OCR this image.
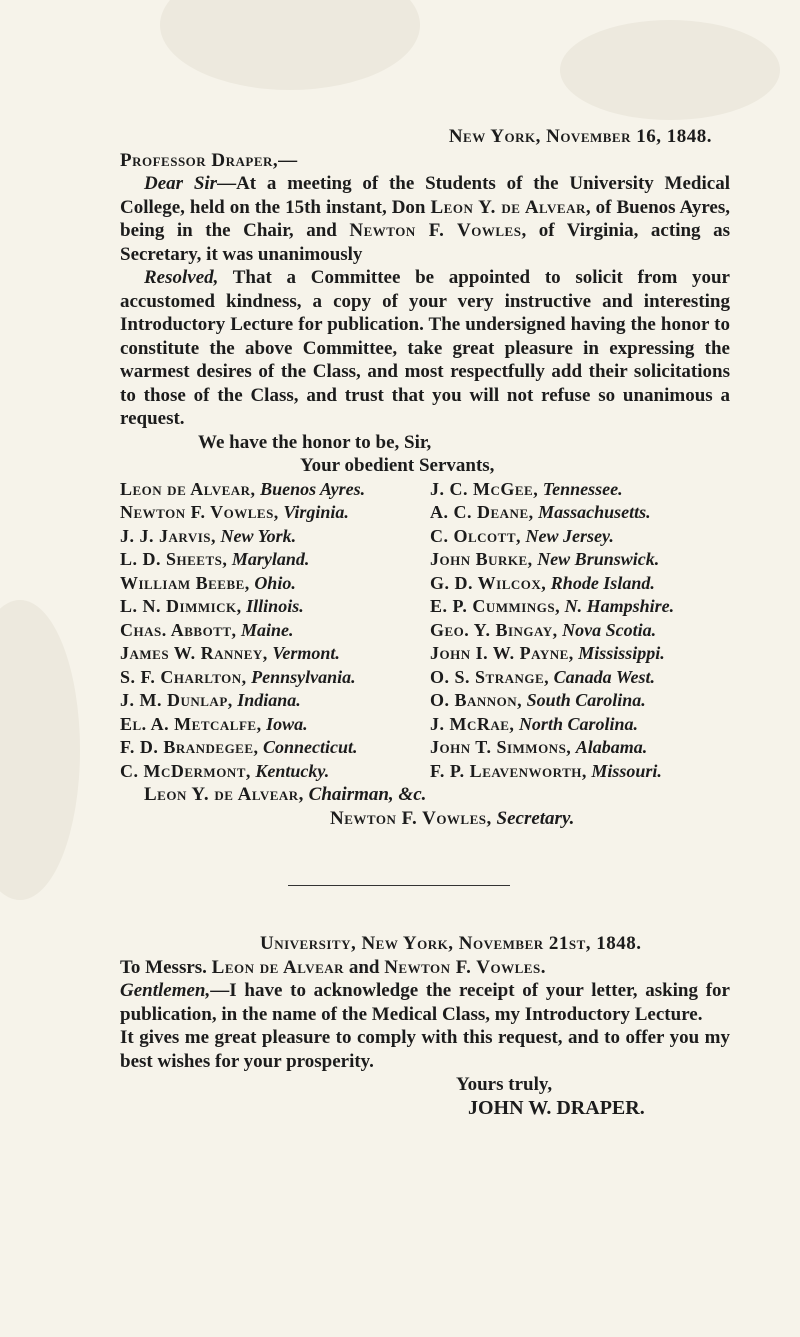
New York, November 16, 1848.
Professor Draper,—
Dear Sir—At a meeting of the Students of the University Medical College, held on the 15th instant, Don Leon Y. de Alvear, of Buenos Ayres, being in the Chair, and Newton F. Vowles, of Virginia, acting as Secretary, it was unanimously
Resolved, That a Committee be appointed to solicit from your accustomed kindness, a copy of your very instructive and interesting Introductory Lecture for publication. The undersigned having the honor to constitute the above Committee, take great pleasure in expressing the warmest desires of the Class, and most respectfully add their solicitations to those of the Class, and trust that you will not refuse so unanimous a request.
We have the honor to be, Sir,
Your obedient Servants,
Leon de Alvear, Buenos Ayres.
Newton F. Vowles, Virginia.
J. J. Jarvis, New York.
L. D. Sheets, Maryland.
William Beebe, Ohio.
L. N. Dimmick, Illinois.
Chas. Abbott, Maine.
James W. Ranney, Vermont.
S. F. Charlton, Pennsylvania.
J. M. Dunlap, Indiana.
El. A. Metcalfe, Iowa.
F. D. Brandegee, Connecticut.
C. McDermont, Kentucky.
J. C. McGee, Tennessee.
A. C. Deane, Massachusetts.
C. Olcott, New Jersey.
John Burke, New Brunswick.
G. D. Wilcox, Rhode Island.
E. P. Cummings, N. Hampshire.
Geo. Y. Bingay, Nova Scotia.
John I. W. Payne, Mississippi.
O. S. Strange, Canada West.
O. Bannon, South Carolina.
J. McRae, North Carolina.
John T. Simmons, Alabama.
F. P. Leavenworth, Missouri.
Leon Y. de Alvear, Chairman, &c.
Newton F. Vowles, Secretary.
University, New York, November 21st, 1848.
To Messrs. Leon de Alvear and Newton F. Vowles.
Gentlemen,—I have to acknowledge the receipt of your letter, asking for publication, in the name of the Medical Class, my Introductory Lecture.
It gives me great pleasure to comply with this request, and to offer you my best wishes for your prosperity.
Yours truly,
JOHN W. DRAPER.
